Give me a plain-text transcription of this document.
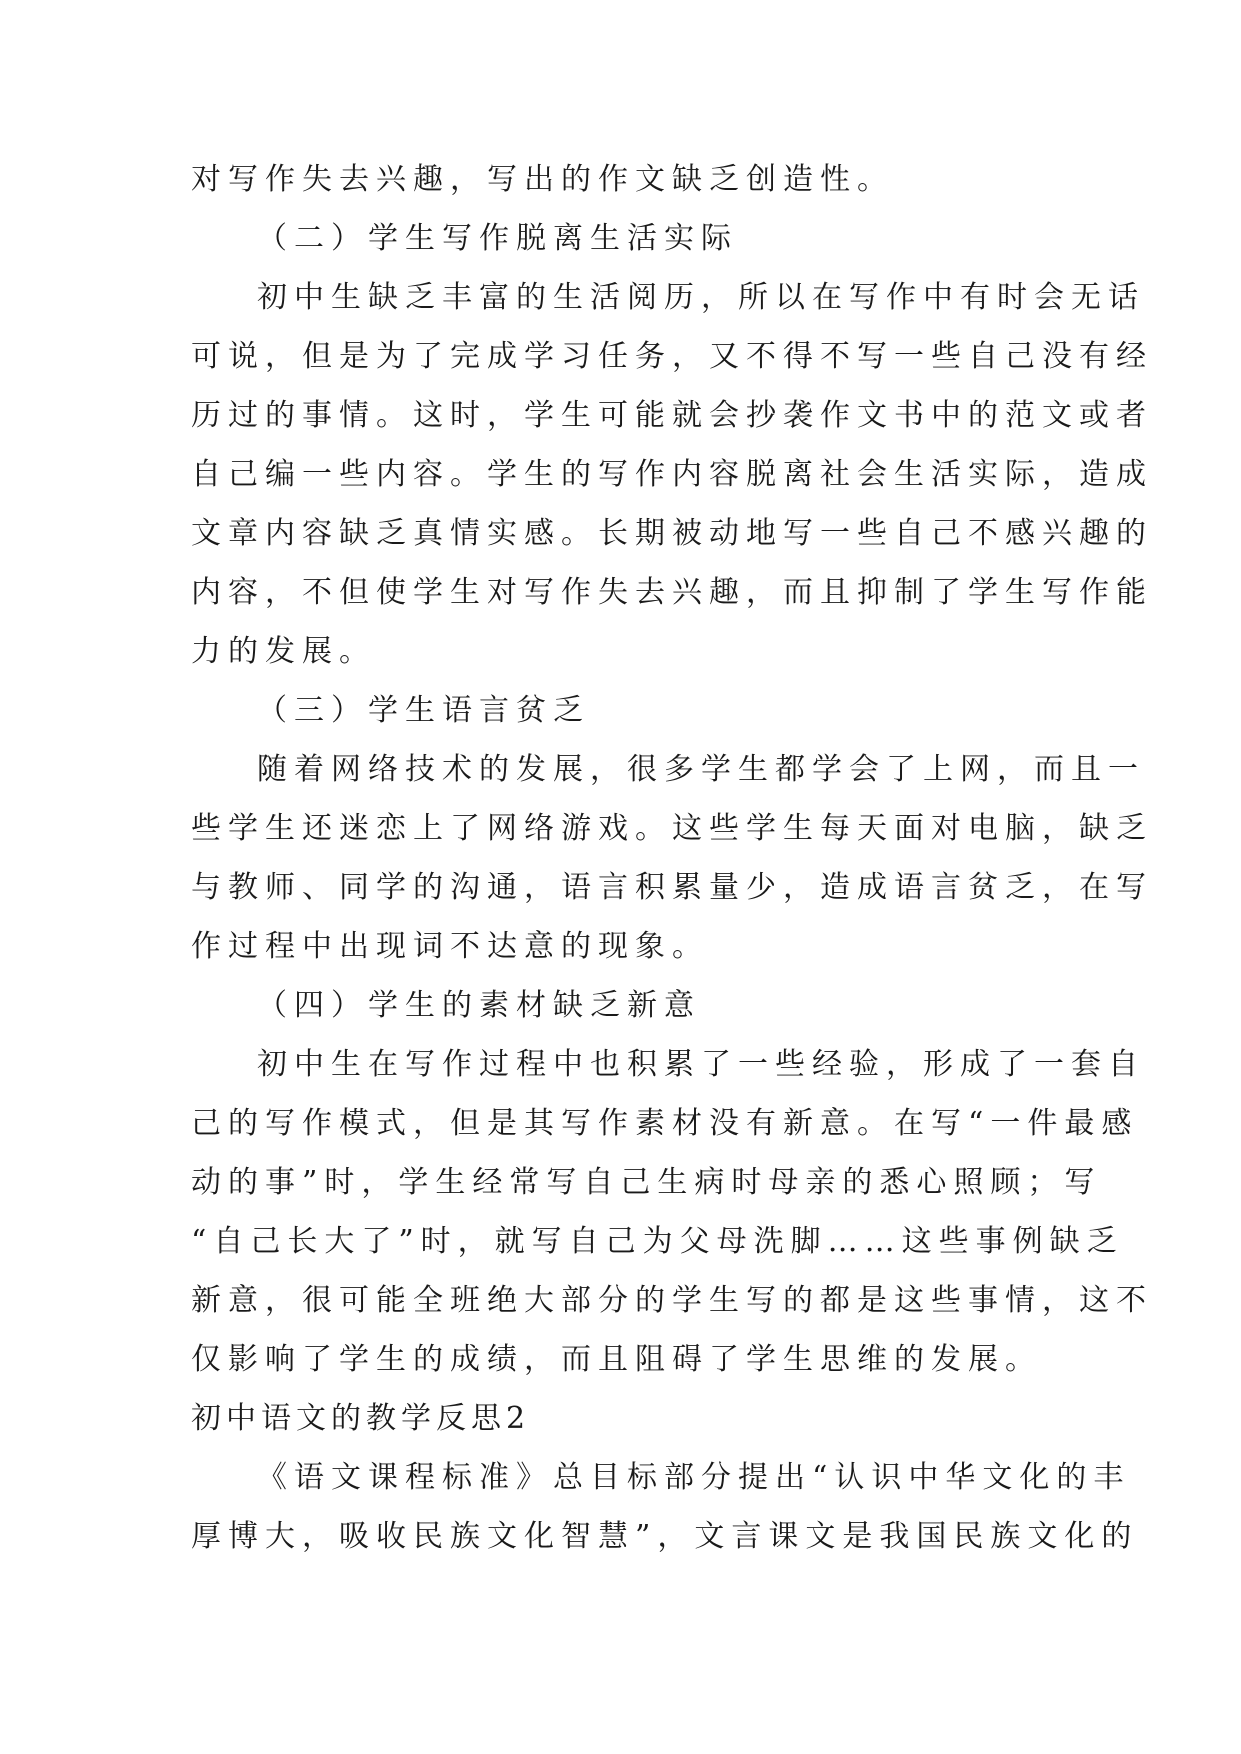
对写作失去兴趣，写出的作文缺乏创造性。
（二）学生写作脱离生活实际
初中生缺乏丰富的生活阅历，所以在写作中有时会无话
可说，但是为了完成学习任务，又不得不写一些自己没有经
历过的事情。这时，学生可能就会抄袭作文书中的范文或者
自己编一些内容。学生的写作内容脱离社会生活实际，造成
文章内容缺乏真情实感。长期被动地写一些自己不感兴趣的
内容，不但使学生对写作失去兴趣，而且抑制了学生写作能
力的发展。
（三）学生语言贫乏
随着网络技术的发展，很多学生都学会了上网，而且一
些学生还迷恋上了网络游戏。这些学生每天面对电脑，缺乏
与教师、同学的沟通，语言积累量少，造成语言贫乏，在写
作过程中出现词不达意的现象。
（四）学生的素材缺乏新意
初中生在写作过程中也积累了一些经验，形成了一套自
己的写作模式，但是其写作素材没有新意。在写“一件最感
动的事”时，学生经常写自己生病时母亲的悉心照顾；写
“自己长大了”时，就写自己为父母洗脚……这些事例缺乏
新意，很可能全班绝大部分的学生写的都是这些事情，这不
仅影响了学生的成绩，而且阻碍了学生思维的发展。
初中语文的教学反思2
《语文课程标准》总目标部分提出“认识中华文化的丰
厚博大，吸收民族文化智慧”，文言课文是我国民族文化的
